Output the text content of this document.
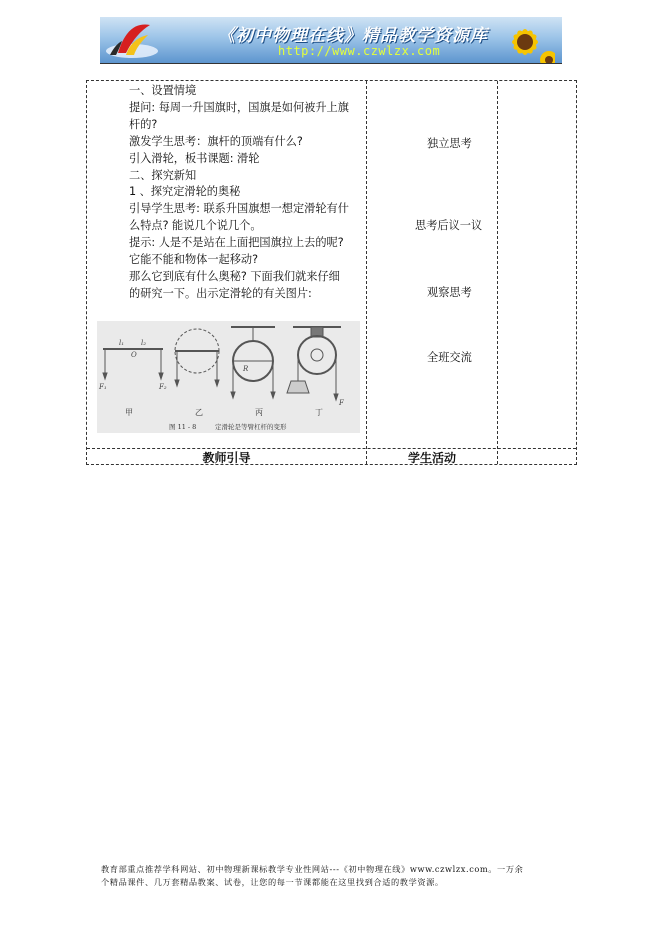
《初中物理在线》精品教学资源库
http://www.czwlzx.com
一、设置情境
提问: 每周一升国旗时，国旗是如何被升上旗
杆的?
激发学生思考：旗杆的顶端有什么?
引入滑轮，板书课题: 滑轮
二、探究新知
1 、探究定滑轮的奥秘
引导学生思考: 联系升国旗想一想定滑轮有什
么特点? 能说几个说几个。
提示: 人是不是站在上面把国旗拉上去的呢?
它能不能和物体一起移动?
那么它到底有什么奥秘? 下面我们就来仔细
的研究一下。出示定滑轮的有关图片:
l₁ l₂
O
F₁	F₂
R
F
甲	乙	丙	丁
图 11 - 8	定滑轮是等臂杠杆的变形
独立思考
思考后议一议
观察思考
全班交流
教师引导	学生活动
教育部重点推荐学科网站、初中物理新课标教学专业性网站---《初中物理在线》www.czwlzx.com。一万余
个精品课件、几万套精品教案、试卷，让您的每一节课都能在这里找到合适的教学资源。
